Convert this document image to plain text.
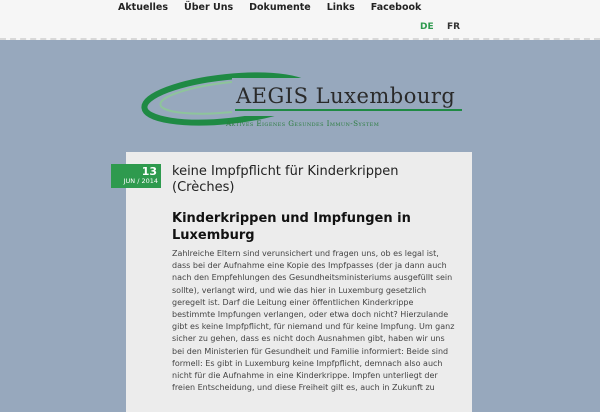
Aktuelles Über Uns Dokumente Links Facebook
DE FR
AEGIS Luxembourg
Aktives Eigenes Gesundes Immun-System
13
JUN / 2014
keine Impfpflicht für Kinderkrippen (Crèches)
Kinderkrippen und Impfungen in Luxemburg

Zahlreiche Eltern sind verunsichert und fragen uns, ob es legal ist, dass bei der Aufnahme eine Kopie des Impfpasses (der ja dann auch nach den Empfehlungen des Gesundheitsministeriums ausgefüllt sein sollte), verlangt wird, und wie das hier in Luxemburg gesetzlich geregelt ist. Darf die Leitung einer öffentlichen Kinderkrippe bestimmte Impfungen verlangen, oder etwa doch nicht? Hierzulande gibt es keine Impfpflicht, für niemand und für keine Impfung. Um ganz sicher zu gehen, dass es nicht doch Ausnahmen gibt, haben wir uns bei den Ministerien für Gesundheit und Familie informiert: Beide sind formell: Es gibt in Luxemburg keine Impfpflicht, demnach also auch nicht für die Aufnahme in eine Kinderkrippe. Impfen unterliegt der freien Entscheidung, und diese Freiheit gilt es, auch in Zukunft zu
